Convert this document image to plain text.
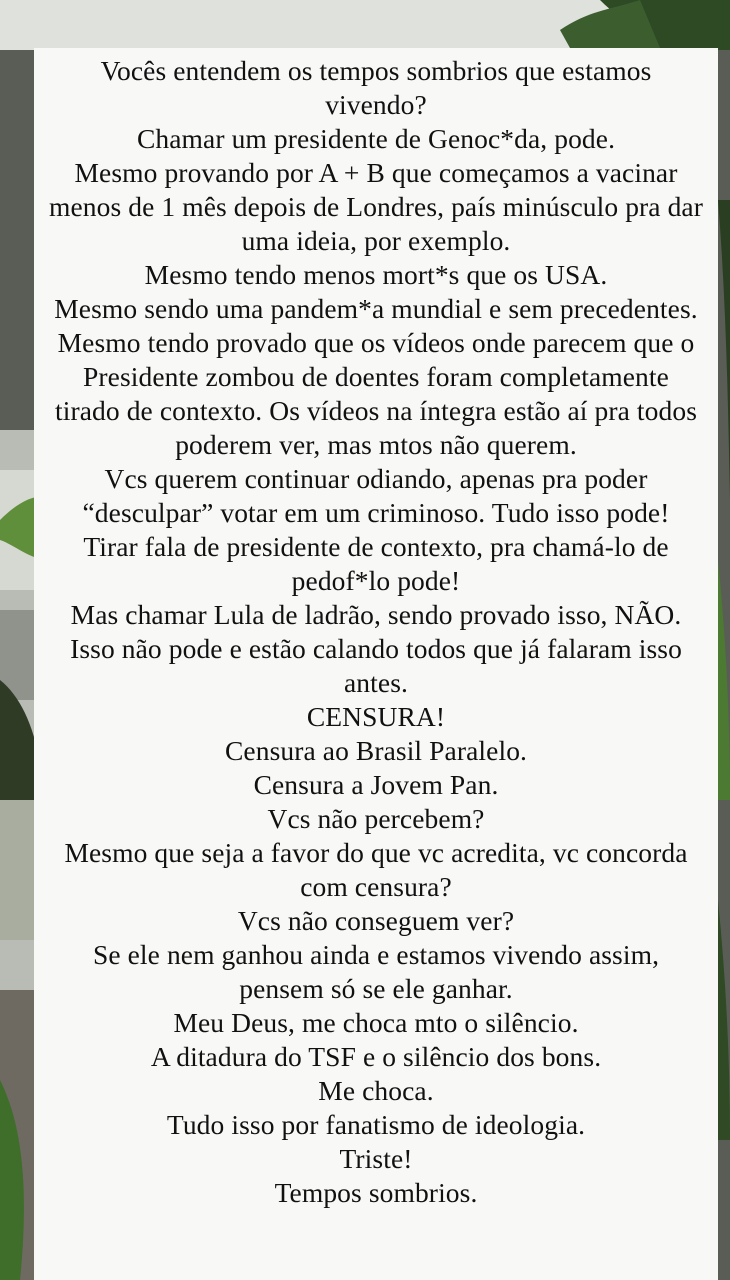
Vocês entendem os tempos sombrios que estamos vivendo?
Chamar um presidente de Genoc*da, pode.
Mesmo provando por A + B que começamos a vacinar menos de 1 mês depois de Londres, país minúsculo pra dar uma ideia, por exemplo.
Mesmo tendo menos mort*s que os USA.
Mesmo sendo uma pandem*a mundial e sem precedentes.
Mesmo tendo provado que os vídeos onde parecem que o Presidente zombou de doentes foram completamente tirado de contexto. Os vídeos na íntegra estão aí pra todos poderem ver, mas mtos não querem.
Vcs querem continuar odiando, apenas pra poder “desculpar” votar em um criminoso. Tudo isso pode!
Tirar fala de presidente de contexto, pra chamá-lo de pedof*lo pode!
Mas chamar Lula de ladrão, sendo provado isso, NÃO. Isso não pode e estão calando todos que já falaram isso antes.
CENSURA!
Censura ao Brasil Paralelo.
Censura a Jovem Pan.
Vcs não percebem?
Mesmo que seja a favor do que vc acredita, vc concorda com censura?
Vcs não conseguem ver?
Se ele nem ganhou ainda e estamos vivendo assim, pensem só se ele ganhar.
Meu Deus, me choca mto o silêncio.
A ditadura do TSF e o silêncio dos bons.
Me choca.
Tudo isso por fanatismo de ideologia.
Triste!
Tempos sombrios.
